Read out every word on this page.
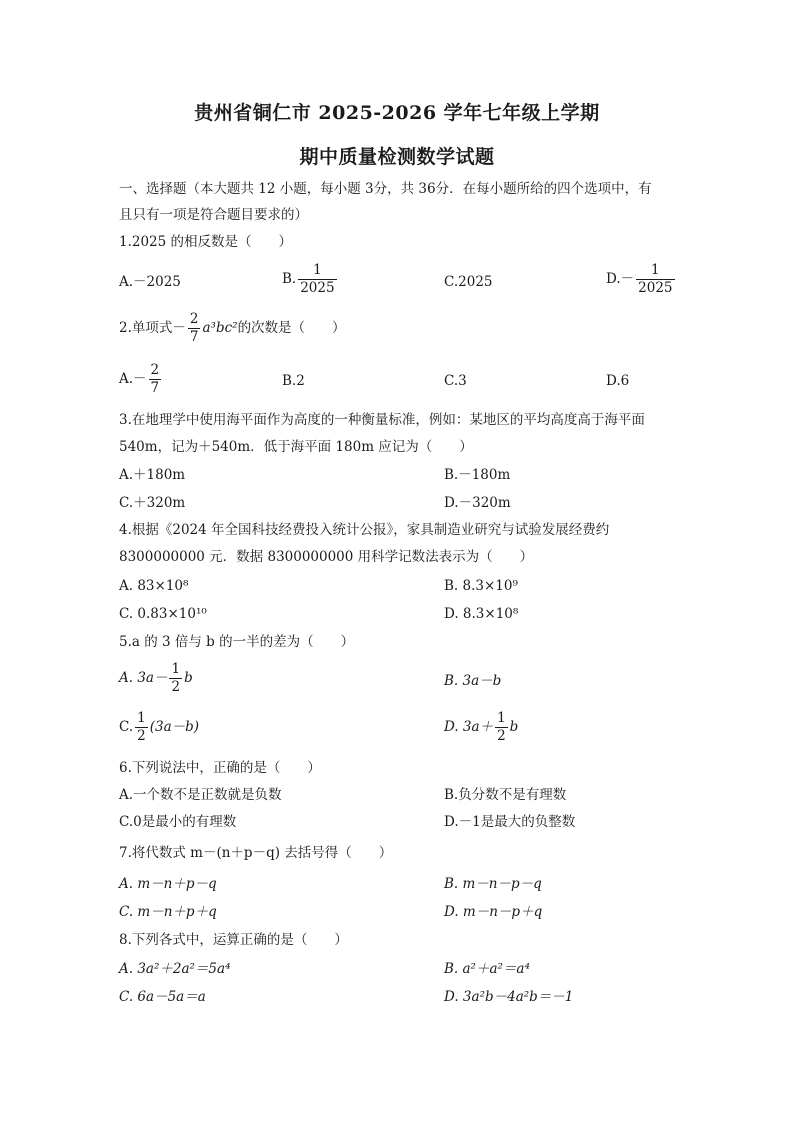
贵州省铜仁市 2025-2026 学年七年级上学期
期中质量检测数学试题
一、选择题（本大题共 12 小题，每小题 3分，共 36分．在每小题所给的四个选项中，有
且只有一项是符合题目要求的）
1.2025 的相反数是（　　）
A.－2025	B. $\frac{1}{2025}$	C.2025	$D.- \frac{1}{2025}$
2.单项式－ $\frac{2}{7} a^3bc^2$的次数是（　　）
$A.- \frac{2}{7}$	B.2	C.3	D.6
3.在地理学中使用海平面作为高度的一种衡量标准，例如：某地区的平均高度高于海平面
540m，记为＋540m．低于海平面 180m 应记为（　　）
A.＋180m	B.－180m
C.＋320m	D.－320m
4.根据《2024 年全国科技经费投入统计公报》，家具制造业研究与试验发展经费约
8300000000 元．数据 8300000000 用科学记数法表示为（　　）
A. 83×10⁸	B. 8.3×10⁹
C. 0.83×10¹⁰	D. 8.3×10⁸
5.a 的 3 倍与 b 的一半的差为（　　）
A. $3a- \frac{1}{2}$ b	B. 3a－b
C. $\frac{1}{2} (3a-b)$	D. $3a+ \frac{1}{2}$ b
6.下列说法中，正确的是（　　）
A.一个数不是正数就是负数	B.负分数不是有理数
C.0是最小的有理数	D.－1是最大的负整数
7.将代数式 m－(n＋p－q) 去括号得（　　）
A. m－n＋p－q	B. m－n－p－q
C. m－n＋p＋q	D. m－n－p＋q
8.下列各式中，运算正确的是（　　）
A. 3a²＋2a²＝5a⁴	B. a²＋a²＝a⁴
C. 6a－5a＝a	D. 3a²b－4a²b＝－1
